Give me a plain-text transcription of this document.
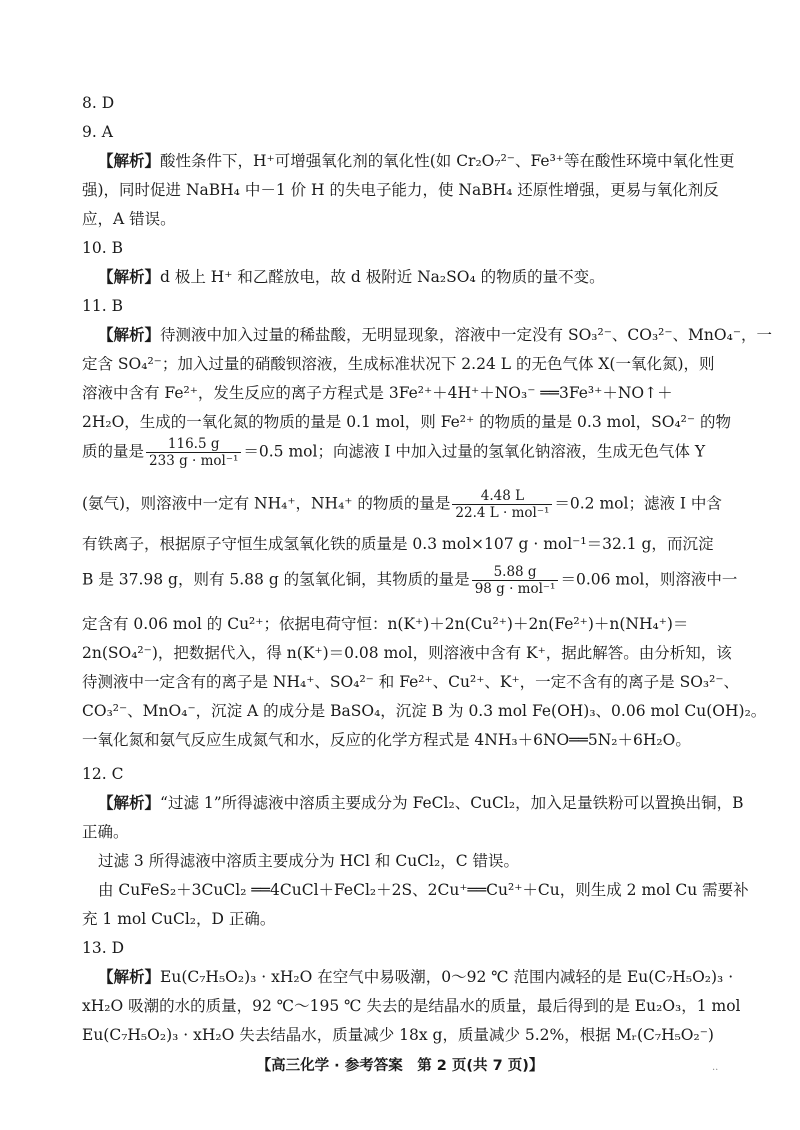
8. D
9. A
【解析】酸性条件下，H⁺可增强氧化剂的氧化性(如 Cr₂O₇²⁻、Fe³⁺等在酸性环境中氧化性更
强)，同时促进 NaBH₄ 中－1 价 H 的失电子能力，使 NaBH₄ 还原性增强，更易与氧化剂反
应，A 错误。
10. B
【解析】d 极上 H⁺ 和乙醛放电，故 d 极附近 Na₂SO₄ 的物质的量不变。
11. B
【解析】待测液中加入过量的稀盐酸，无明显现象，溶液中一定没有 SO₃²⁻、CO₃²⁻、MnO₄⁻，一
定含 SO₄²⁻；加入过量的硝酸钡溶液，生成标准状况下 2.24 L 的无色气体 X(一氧化氮)，则
溶液中含有 Fe²⁺，发生反应的离子方程式是 3Fe²⁺＋4H⁺＋NO₃⁻ ══3Fe³⁺＋NO↑＋
2H₂O，生成的一氧化氮的物质的量是 0.1 mol，则 Fe²⁺ 的物质的量是 0.3 mol，SO₄²⁻ 的物
质的量是 $\frac{116.5 g}{\text{233 g · mol⁻¹}} =0.5$ mol；向滤液 Ⅰ 中加入过量的氢氧化钠溶液，生成无色气体 Y
(氨气)，则溶液中一定有 NH₄⁺，NH₄⁺ 的物质的量是 $\frac{4.48 L}{\text{22.4 L · mol⁻¹}} =0.2$ mol；滤液 Ⅰ 中含
有铁离子，根据原子守恒生成氢氧化铁的质量是 0.3 mol×107 g · mol⁻¹＝32.1 g，而沉淀
B 是 37.98 g，则有 5.88 g 的氢氧化铜，其物质的量是 $\frac{5.88 g}{\text{98 g · mol⁻¹}} =0.06$ mol，则溶液中一
定含有 0.06 mol 的 Cu²⁺；依据电荷守恒：n(K⁺)＋2n(Cu²⁺)＋2n(Fe²⁺)＋n(NH₄⁺)＝
2n(SO₄²⁻)，把数据代入，得 n(K⁺)＝0.08 mol，则溶液中含有 K⁺，据此解答。由分析知，该
待测液中一定含有的离子是 NH₄⁺、SO₄²⁻ 和 Fe²⁺、Cu²⁺、K⁺，一定不含有的离子是 SO₃²⁻、
CO₃²⁻、MnO₄⁻，沉淀 A 的成分是 BaSO₄，沉淀 B 为 0.3 mol Fe(OH)₃、0.06 mol Cu(OH)₂。
一氧化氮和氨气反应生成氮气和水，反应的化学方程式是 4NH₃＋6NO══5N₂＋6H₂O。
12. C
【解析】“过滤 1”所得滤液中溶质主要成分为 FeCl₂、CuCl₂，加入足量铁粉可以置换出铜，B
正确。
过滤 3 所得滤液中溶质主要成分为 HCl 和 CuCl₂，C 错误。
由 CuFeS₂＋3CuCl₂ ══4CuCl＋FeCl₂＋2S、2Cu⁺══Cu²⁺＋Cu，则生成 2 mol Cu 需要补
充 1 mol CuCl₂，D 正确。
13. D
【解析】Eu(C₇H₅O₂)₃ · xH₂O 在空气中易吸潮，0～92 ℃ 范围内减轻的是 Eu(C₇H₅O₂)₃ ·
xH₂O 吸潮的水的质量，92 ℃～195 ℃ 失去的是结晶水的质量，最后得到的是 Eu₂O₃，1 mol
Eu(C₇H₅O₂)₃ · xH₂O 失去结晶水，质量减少 18x g，质量减少 5.2%，根据 Mᵣ(C₇H₅O₂⁻)
【高三化学 · 参考答案　第 2 页(共 7 页)】	..
